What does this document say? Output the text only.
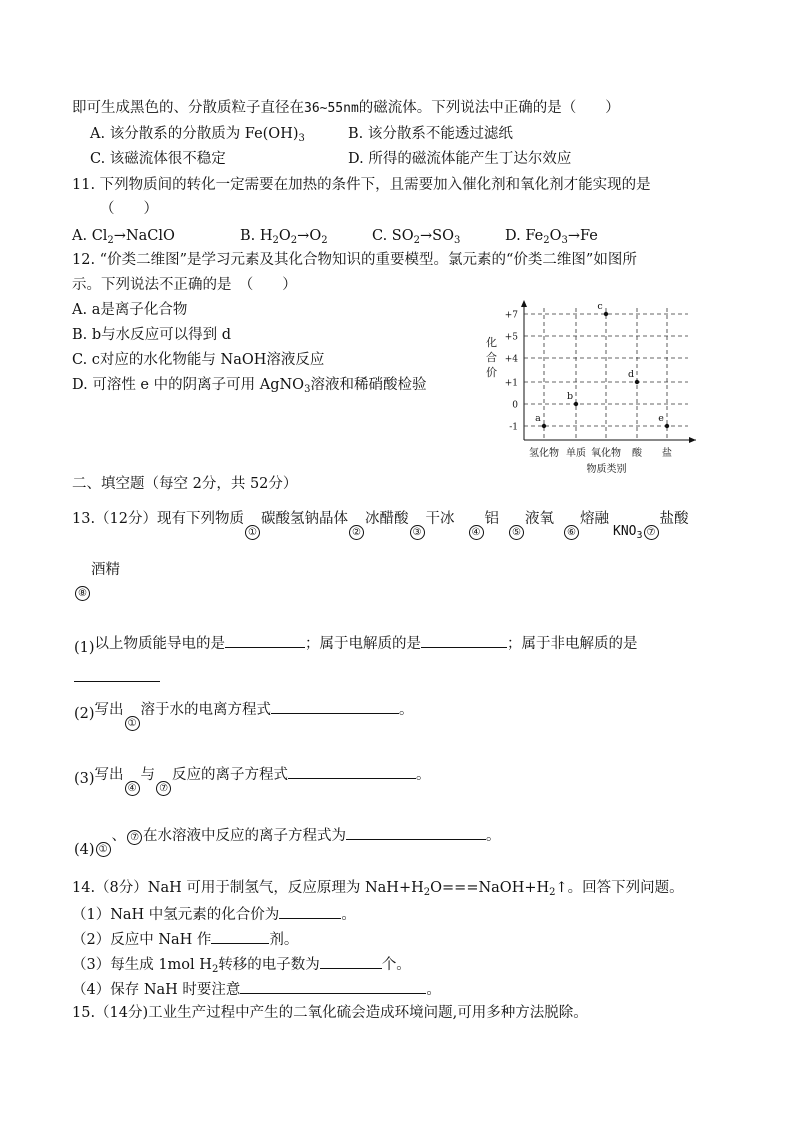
即可生成黑色的、分散质粒子直径在36~55nm的磁流体。下列说法中正确的是（　　）
A. 该分散系的分散质为 $Fe(OH)_3$	B. 该分散系不能透过滤纸
C. 该磁流体很不稳定	D. 所得的磁流体能产生丁达尔效应
11. 下列物质间的转化一定需要在加热的条件下，且需要加入催化剂和氧化剂才能实现的是
（　　）
A. $Cl_2\to NaClO$	B. $H_2O_2\to O_2$	C. $SO_2\to SO_3$	D. $Fe_2O_3\to Fe$
12. “价类二维图”是学习元素及其化合物知识的重要模型。氯元素的“价类二维图”如图所
示。下列说法不正确的是　（　　）
A. a是离子化合物
B. b与水反应可以得到 d
C. c对应的水化物能与 NaOH溶液反应
D. 可溶性 e 中的阴离子可用 AgNO$_3$溶液和稀硝酸检验
+7
+5
+4
+1
0
-1
氢化物 单质 氧化物 酸 盐
化
合
价
物质类别
a
b
c
d
e
二、填空题（每空 2分，共 52分）
13.（12分）现有下列物质①碳酸氢钠晶体②冰醋酸③干冰④铝⑤液氧⑥熔融$KNO_3$ ⑦盐酸
⑧酒精
(1)以上物质能导电的是	；属于电解质的是	；属于非电解质的是
(2)写出①溶于水的电离方程式	。
(3)写出④与⑦反应的离子方程式	。
(4) ①、 ⑦ 在水溶液中反应的离子方程式为	。
14.（8分）NaH 可用于制氢气，反应原理为 $NaH+H_2O===NaOH+H_2↑$。回答下列问题。
（1）NaH 中氢元素的化合价为	。
（2）反应中 NaH 作	剂。
（3）每生成 1mol $H_2$转移的电子数为	个。
（4）保存 NaH 时要注意	。
15.（14分)工业生产过程中产生的二氧化硫会造成环境问题,可用多种方法脱除。
